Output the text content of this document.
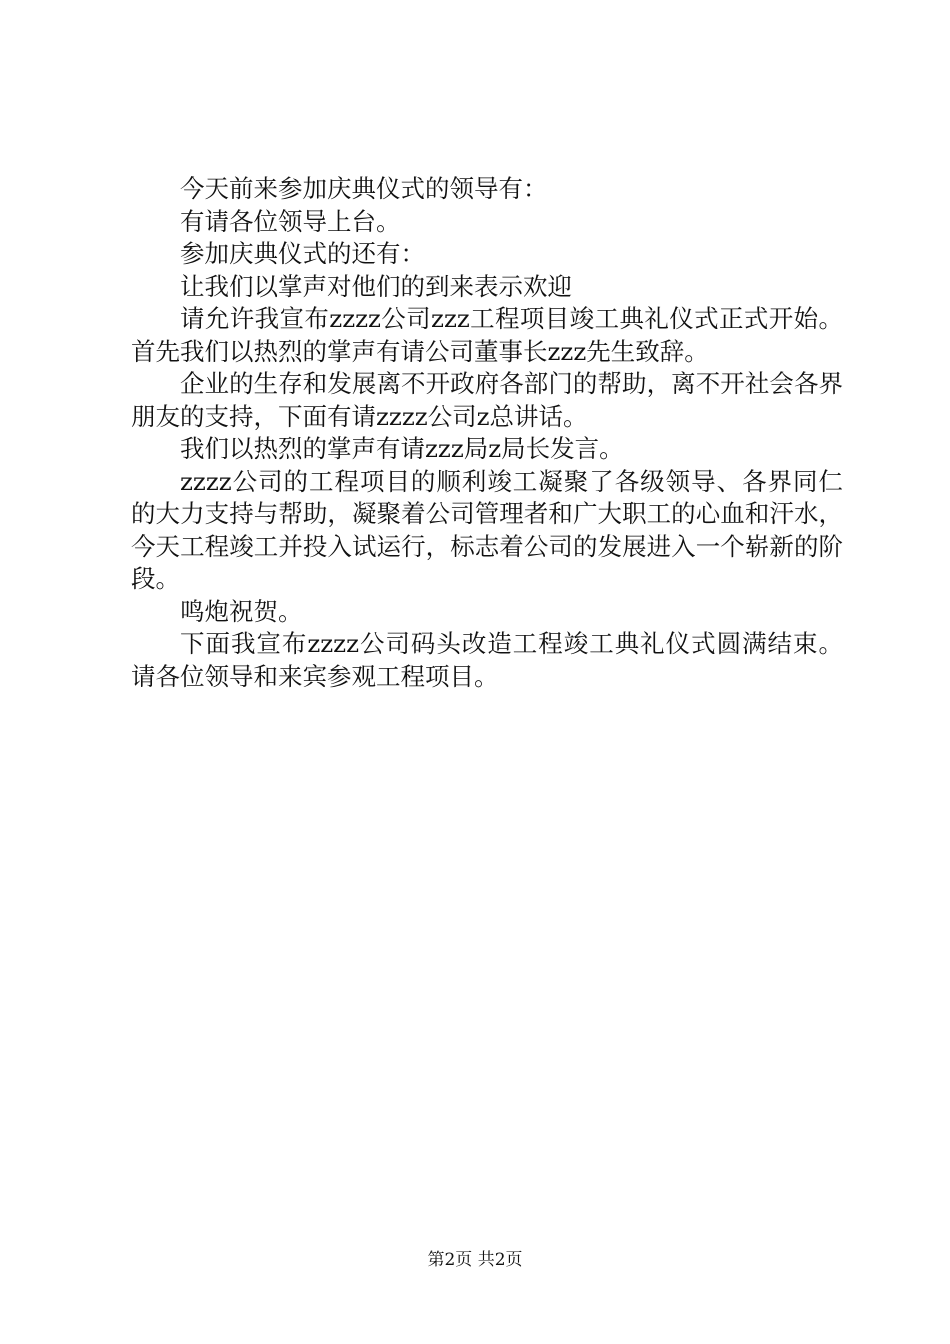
今天前来参加庆典仪式的领导有：

有请各位领导上台。

参加庆典仪式的还有：

让我们以掌声对他们的到来表示欢迎

请允许我宣布zzzz公司zzz工程项目竣工典礼仪式正式开始。首先我们以热烈的掌声有请公司董事长zzz先生致辞。

企业的生存和发展离不开政府各部门的帮助，离不开社会各界朋友的支持，下面有请zzzz公司z总讲话。

我们以热烈的掌声有请zzz局z局长发言。

zzzz公司的工程项目的顺利竣工凝聚了各级领导、各界同仁的大力支持与帮助，凝聚着公司管理者和广大职工的心血和汗水，今天工程竣工并投入试运行，标志着公司的发展进入一个崭新的阶段。

鸣炮祝贺。

下面我宣布zzzz公司码头改造工程竣工典礼仪式圆满结束。请各位领导和来宾参观工程项目。

第2页 共2页
